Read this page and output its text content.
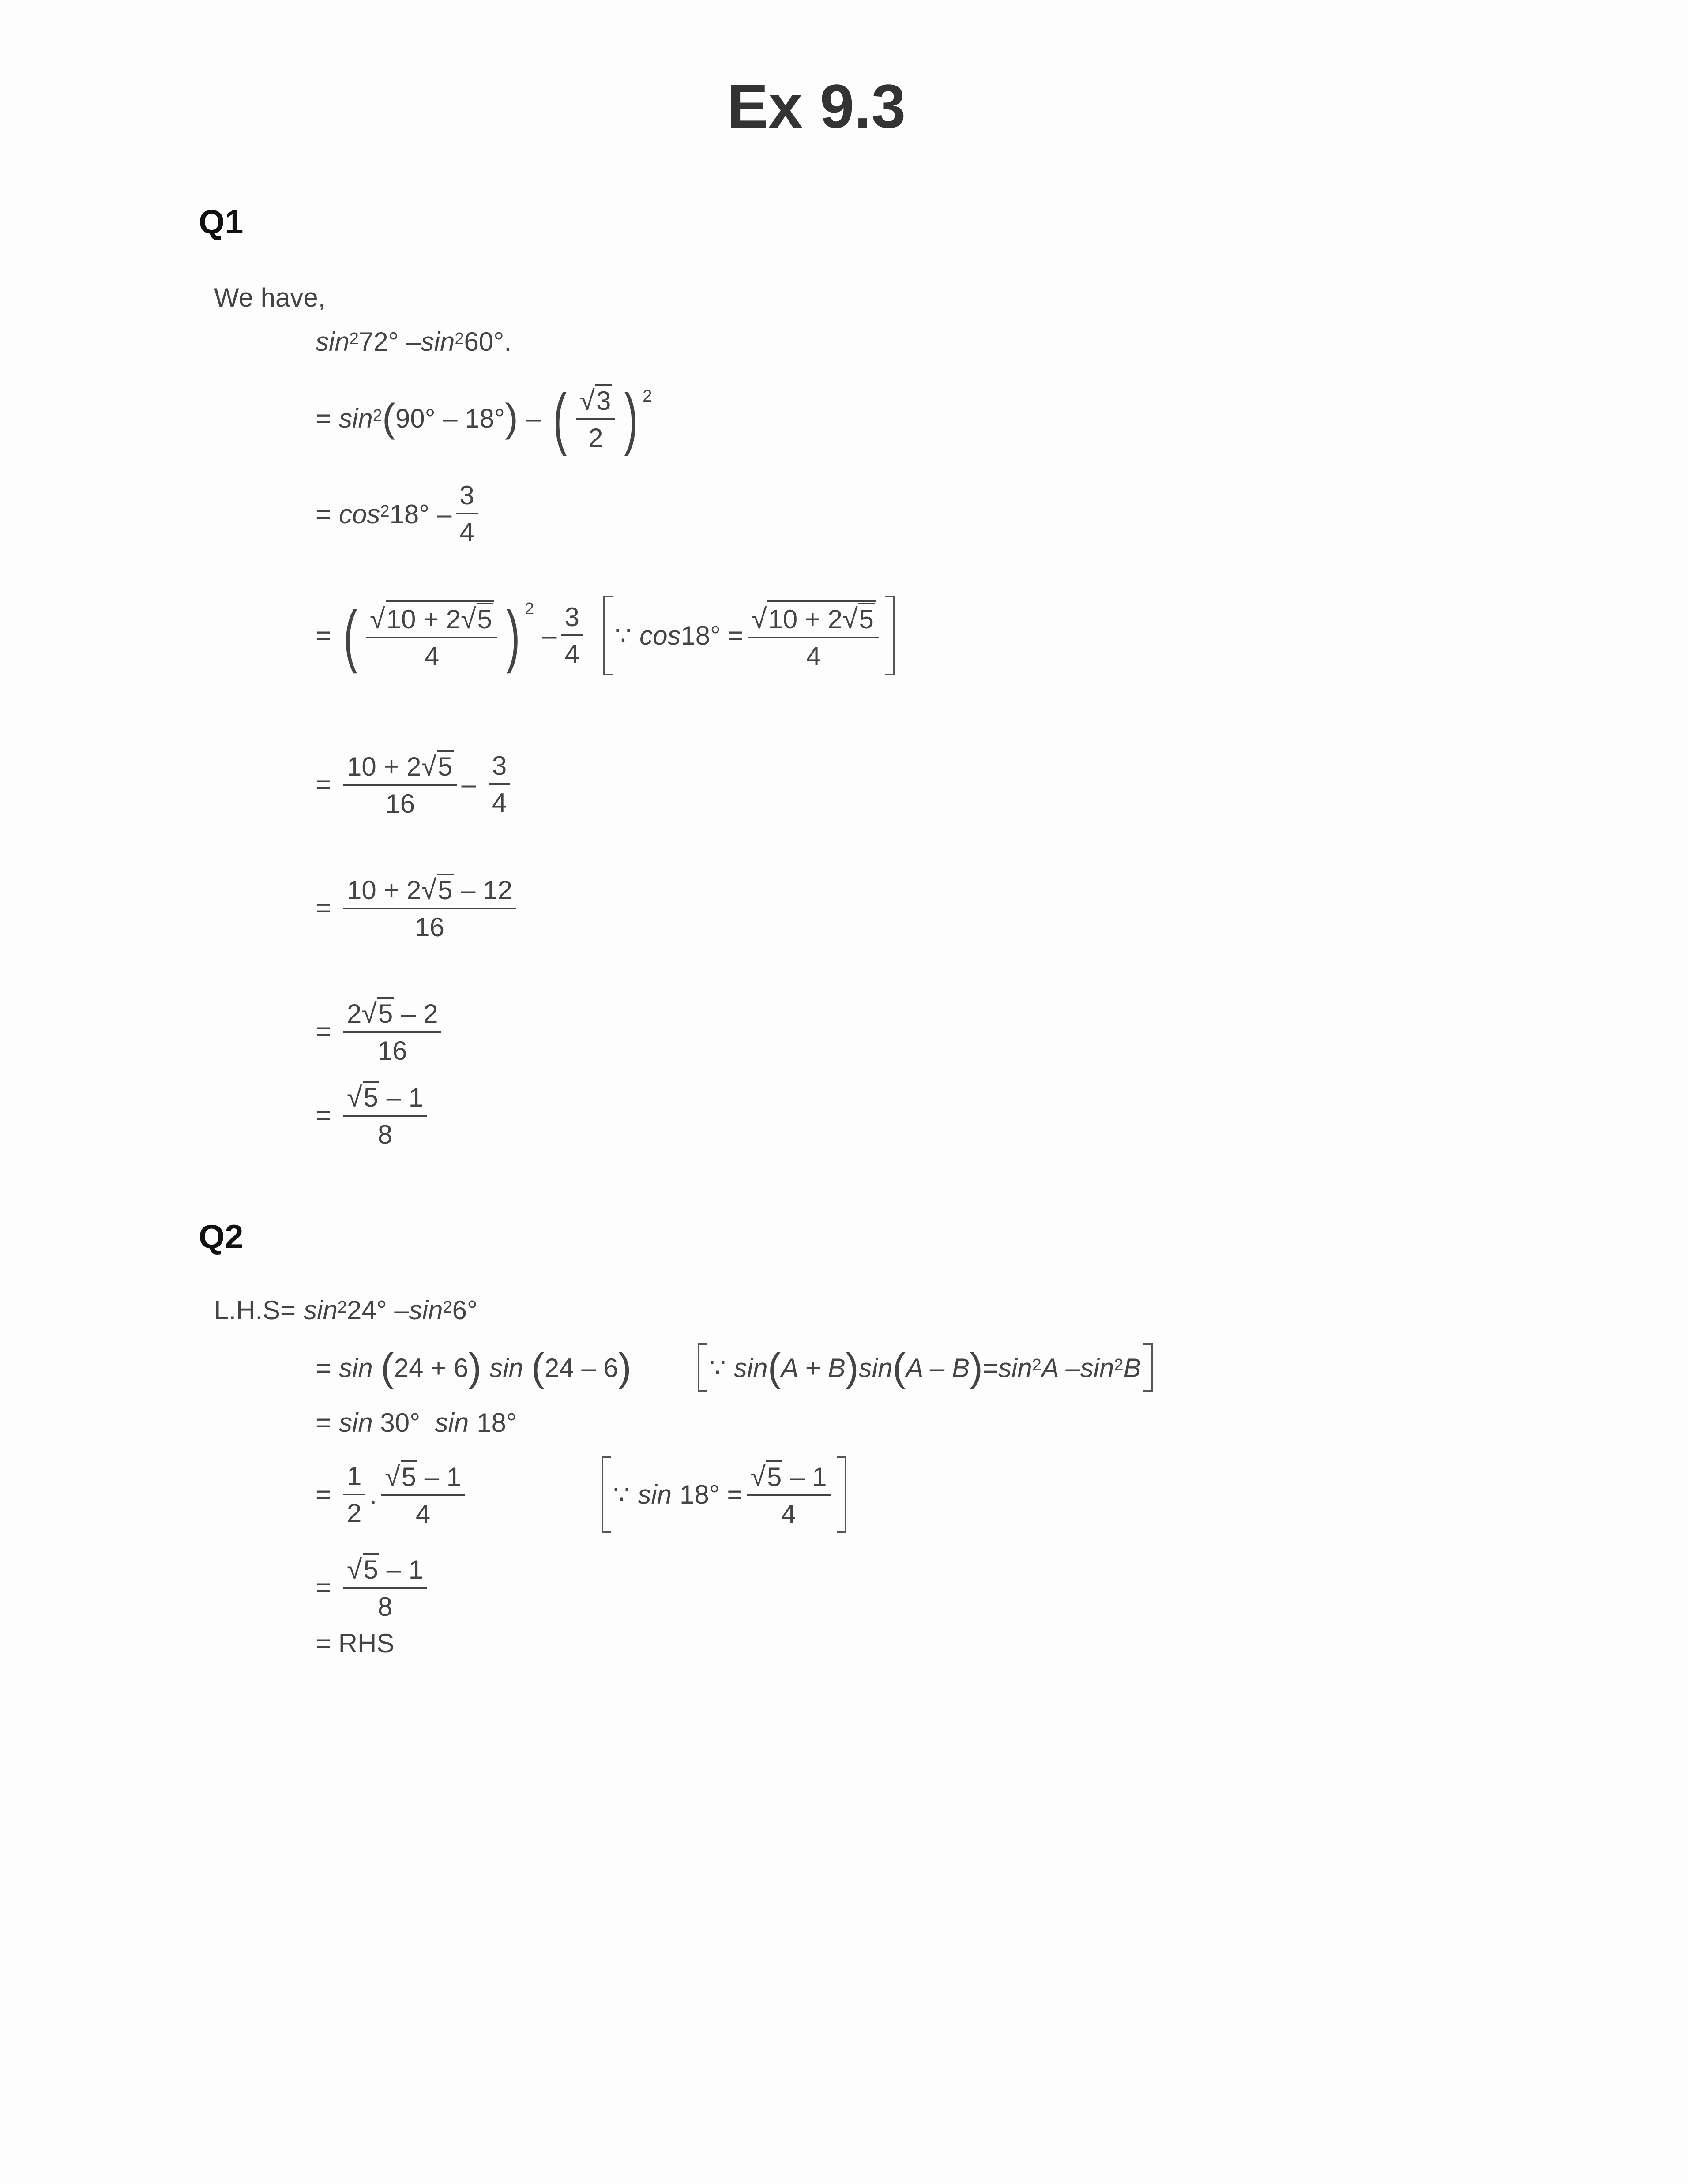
Ex 9.3
Q1
We have,
sin 2 72° – sin 2 60°.
= sin 2 ( 90° – 18° ) – ( $\frac{√ 3}{2}$ ) 2
= cos 2 $18^\circ - \frac{3}{4}$
= ( $\frac{√ 10 + 2 √ 5}{4}$ ) 2
– $\frac{3}{4}$ ∵ $\cos 18^\circ = \frac{√ 10 + 2 √ 5}{4}$
= $\frac{10 + 2 √ 5}{16} - \frac{3}{4}$
= $\frac{10 + 2 √ 5 - 12}{16}$
= $\frac{2 √ 5 - 2}{16}$
= $\frac{√ 5 - 1}{8}$
Q2
L.H.S= sin 2 24° – sin 2 6°
= sin ( 24 + 6 ) sin ( 24 – 6 )	∵ sin ( A + B ) sin ( A – B ) = sin 2 A – sin 2 B
= sin 30° sin 18°
= $\frac{1}{2}$ . $\frac{√ 5 - 1}{4}$	∵ $\sin 18^\circ = \frac{√ 5 - 1}{4}$
= $\frac{√ 5 - 1}{8}$
= RHS
